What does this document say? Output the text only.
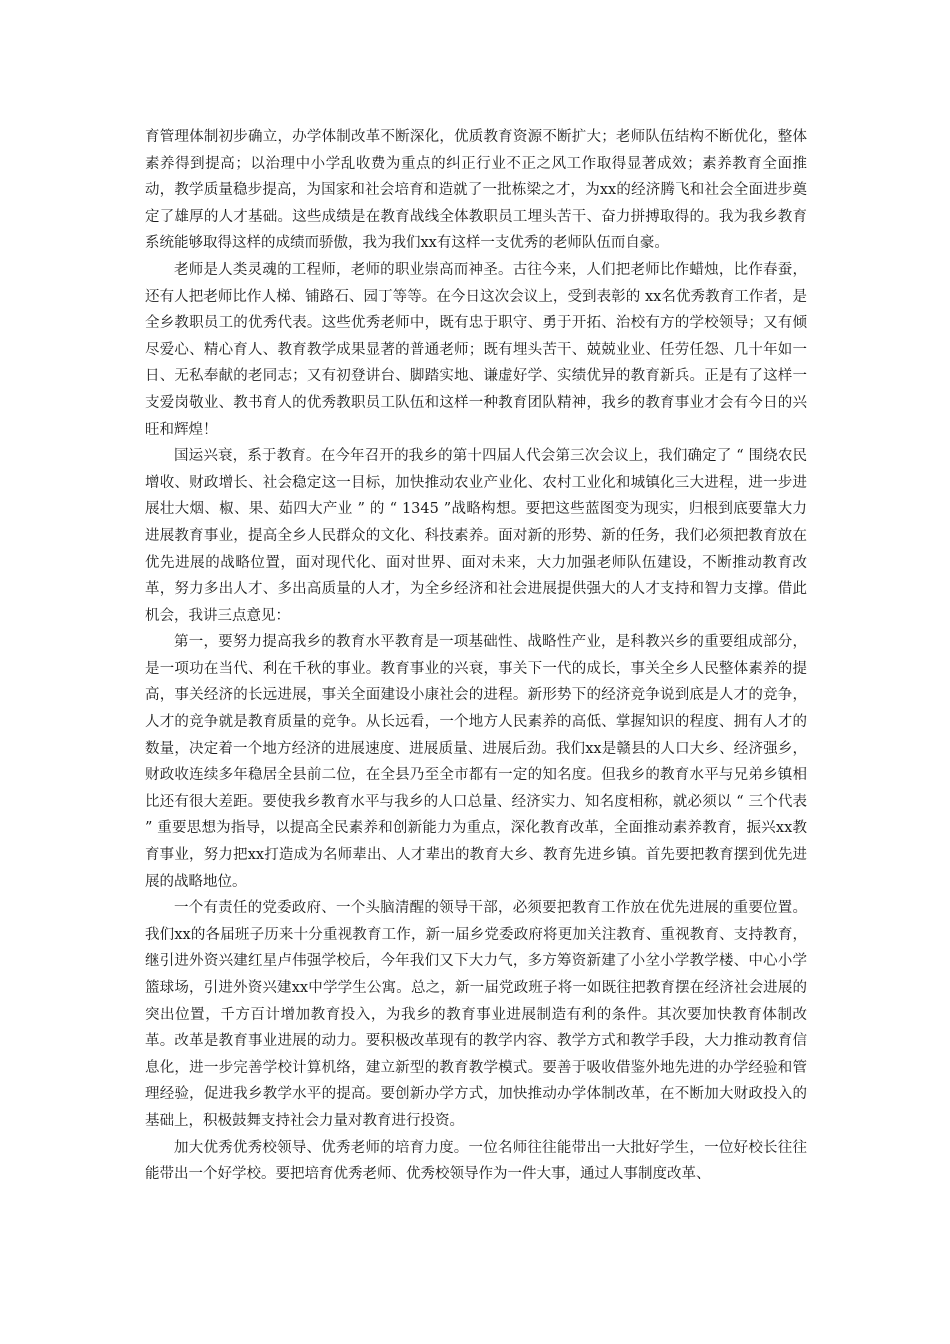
育管理体制初步确立，办学体制改革不断深化，优质教育资源不断扩大；老师队伍结构不断优化，整体素养得到提高；以治理中小学乱收费为重点的纠正行业不正之风工作取得显著成效；素养教育全面推动，教学质量稳步提高，为国家和社会培育和造就了一批栋梁之才，为xx的经济腾飞和社会全面进步奠定了雄厚的人才基础。这些成绩是在教育战线全体教职员工埋头苦干、奋力拼搏取得的。我为我乡教育系统能够取得这样的成绩而骄傲，我为我们xx有这样一支优秀的老师队伍而自豪。

老师是人类灵魂的工程师，老师的职业崇高而神圣。古往今来，人们把老师比作蜡烛，比作春蚕，还有人把老师比作人梯、铺路石、园丁等等。在今日这次会议上，受到表彰的 xx名优秀教育工作者，是全乡教职员工的优秀代表。这些优秀老师中，既有忠于职守、勇于开拓、治校有方的学校领导；又有倾尽爱心、精心育人、教育教学成果显著的普通老师；既有埋头苦干、兢兢业业、任劳任怨、几十年如一日、无私奉献的老同志；又有初登讲台、脚踏实地、谦虚好学、实绩优异的教育新兵。正是有了这样一支爱岗敬业、教书育人的优秀教职员工队伍和这样一种教育团队精神，我乡的教育事业才会有今日的兴旺和辉煌！

国运兴衰，系于教育。在今年召开的我乡的第十四届人代会第三次会议上，我们确定了 “ 围绕农民增收、财政增长、社会稳定这一目标，加快推动农业产业化、农村工业化和城镇化三大进程，进一步进展壮大烟、椒、果、茹四大产业 ” 的 “ 1345 ”战略构想。要把这些蓝图变为现实，归根到底要靠大力进展教育事业，提高全乡人民群众的文化、科技素养。面对新的形势、新的任务，我们必须把教育放在优先进展的战略位置，面对现代化、面对世界、面对未来，大力加强老师队伍建设，不断推动教育改革，努力多出人才、多出高质量的人才，为全乡经济和社会进展提供强大的人才支持和智力支撑。借此机会，我讲三点意见：

第一，要努力提高我乡的教育水平教育是一项基础性、战略性产业，是科教兴乡的重要组成部分，是一项功在当代、利在千秋的事业。教育事业的兴衰，事关下一代的成长，事关全乡人民整体素养的提高，事关经济的长远进展，事关全面建设小康社会的进程。新形势下的经济竞争说到底是人才的竞争，人才的竞争就是教育质量的竞争。从长远看，一个地方人民素养的高低、掌握知识的程度、拥有人才的数量，决定着一个地方经济的进展速度、进展质量、进展后劲。我们xx是赣县的人口大乡、经济强乡，财政收连续多年稳居全县前二位，在全县乃至全市都有一定的知名度。但我乡的教育水平与兄弟乡镇相比还有很大差距。要使我乡教育水平与我乡的人口总量、经济实力、知名度相称，就必须以 “ 三个代表 ” 重要思想为指导，以提高全民素养和创新能力为重点，深化教育改革，全面推动素养教育，振兴xx教育事业，努力把xx打造成为名师辈出、人才辈出的教育大乡、教育先进乡镇。首先要把教育摆到优先进展的战略地位。

一个有责任的党委政府、一个头脑清醒的领导干部，必须要把教育工作放在优先进展的重要位置。我们xx的各届班子历来十分重视教育工作，新一届乡党委政府将更加关注教育、重视教育、支持教育，继引进外资兴建红星卢伟强学校后，今年我们又下大力气，多方筹资新建了小坌小学教学楼、中心小学篮球场，引进外资兴建xx中学学生公寓。总之，新一届党政班子将一如既往把教育摆在经济社会进展的突出位置，千方百计增加教育投入，为我乡的教育事业进展制造有利的条件。其次要加快教育体制改革。改革是教育事业进展的动力。要积极改革现有的教学内容、教学方式和教学手段，大力推动教育信息化，进一步完善学校计算机络，建立新型的教育教学模式。要善于吸收借鉴外地先进的办学经验和管理经验，促进我乡教学水平的提高。要创新办学方式，加快推动办学体制改革，在不断加大财政投入的基础上，积极鼓舞支持社会力量对教育进行投资。

加大优秀优秀校领导、优秀老师的培育力度。一位名师往往能带出一大批好学生，一位好校长往往能带出一个好学校。要把培育优秀老师、优秀校领导作为一件大事，通过人事制度改革、
